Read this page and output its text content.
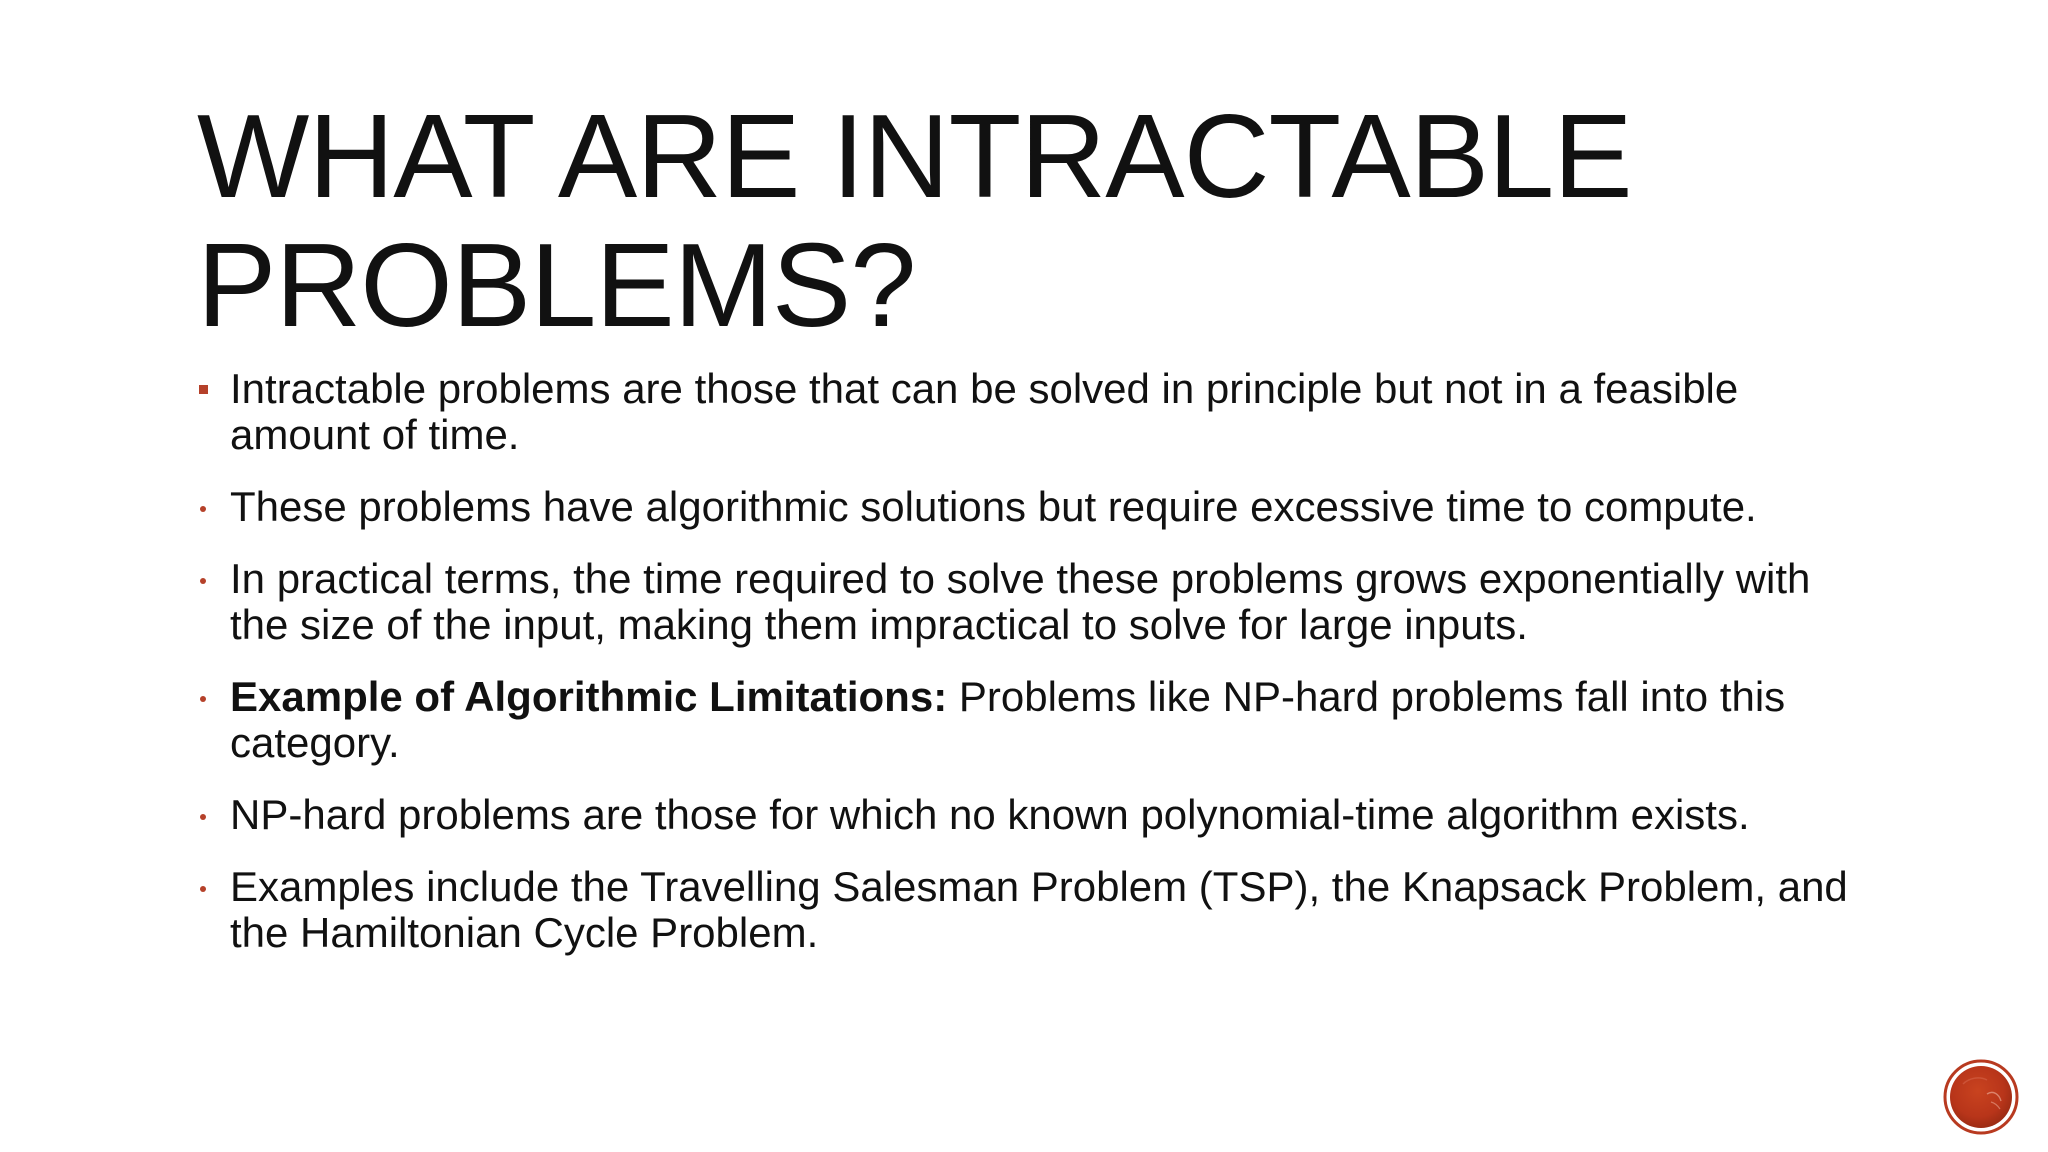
WHAT ARE INTRACTABLE PROBLEMS?
Intractable problems are those that can be solved in principle but not in a feasible amount of time.
These problems have algorithmic solutions but require excessive time to compute.
In practical terms, the time required to solve these problems grows exponentially with the size of the input, making them impractical to solve for large inputs.
Example of Algorithmic Limitations: Problems like NP-hard problems fall into this category.
NP-hard problems are those for which no known polynomial-time algorithm exists.
Examples include the Travelling Salesman Problem (TSP), the Knapsack Problem, and the Hamiltonian Cycle Problem.
